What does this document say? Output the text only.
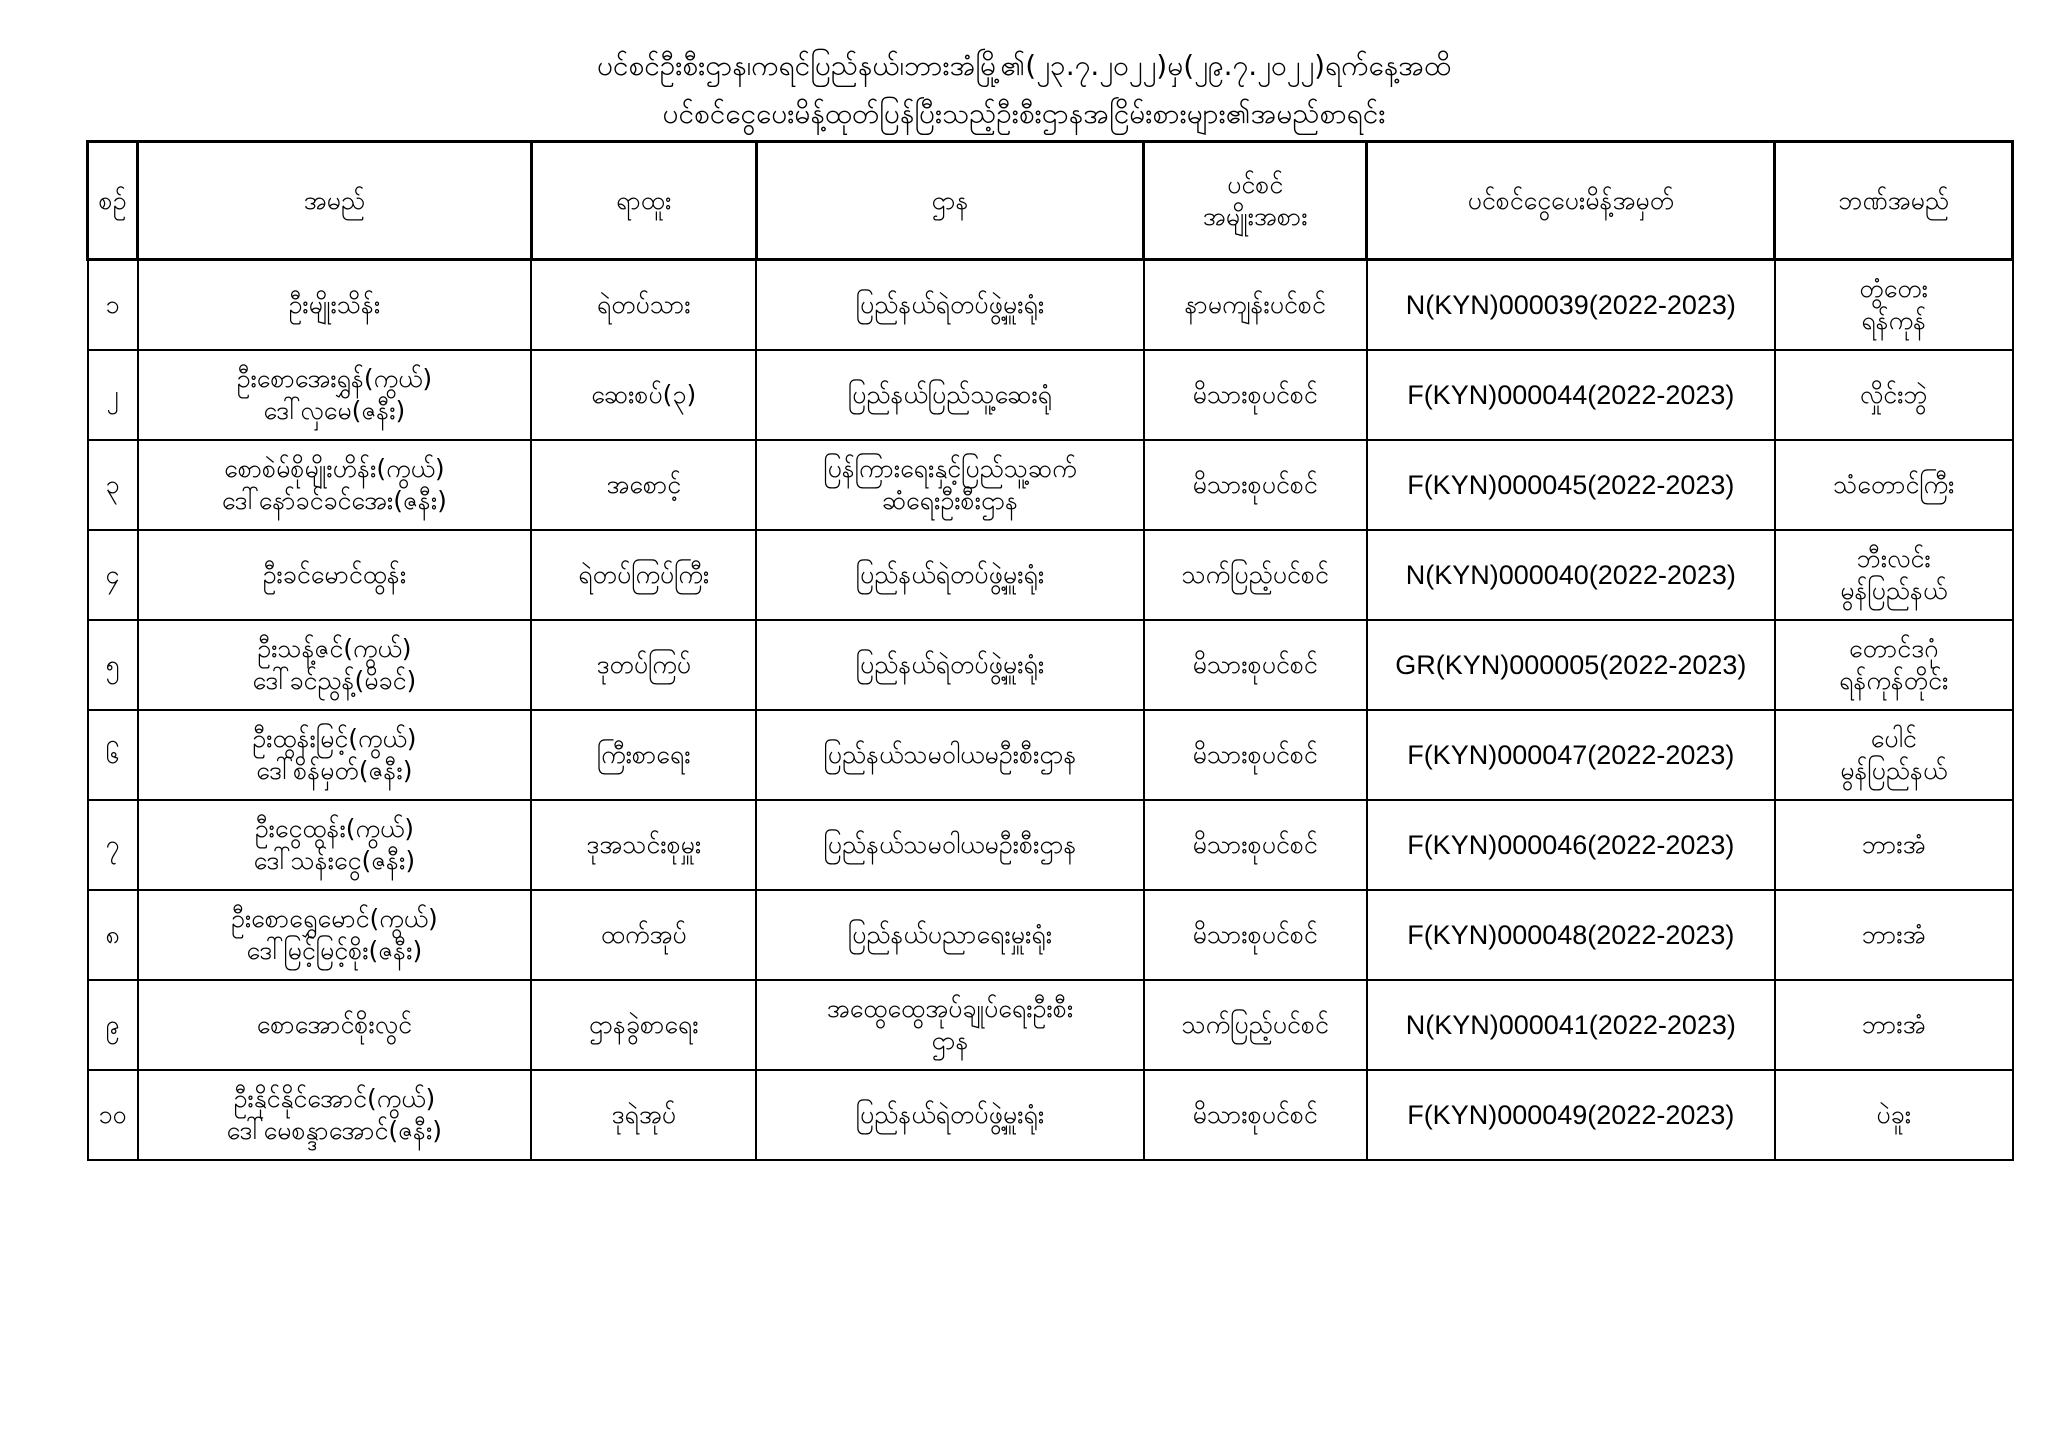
ပင်စင်ဦးစီးဌာန၊ကရင်ပြည်နယ်၊ဘားအံမြို့၏(၂၃.၇.၂၀၂၂)မှ(၂၉.၇.၂၀၂၂)ရက်နေ့အထိ
ပင်စင်ငွေပေးမိန့်ထုတ်ပြန်ပြီးသည့်ဦးစီးဌာနအငြိမ်းစားများ၏အမည်စာရင်း
စဉ်	အမည်	ရာထူး	ဌာန	ပင်စင်
အမျိုးအစား	ပင်စင်ငွေပေးမိန့်အမှတ်	ဘဏ်အမည်
၁	ဦးမျိုးသိန်း	ရဲတပ်သား	ပြည်နယ်ရဲတပ်ဖွဲ့မှူးရုံး	နာမကျန်းပင်စင်	N(KYN)000039(2022-2023)	တွံတေး
ရန်ကုန်

၂	ဦးစောအေးရွှန်(ကွယ်)
ဒေါ်လှမေ(ဇနီး)	ဆေးစပ်(၃)	ပြည်နယ်ပြည်သူ့ဆေးရုံ	မိသားစုပင်စင်	F(KYN)000044(2022-2023)	လှိုင်းဘွဲ

၃	စောစဲမ်စိုမျိုးဟိန်း(ကွယ်)
ဒေါ်နော်ခင်ခင်အေး(ဇနီး)	အစောင့်	ပြန်ကြားရေးနှင့်ပြည်သူ့ဆက်
ဆံရေးဦးစီးဌာန	မိသားစုပင်စင်	F(KYN)000045(2022-2023)	သံတောင်ကြီး

၄	ဦးခင်မောင်ထွန်း	ရဲတပ်ကြပ်ကြီး	ပြည်နယ်ရဲတပ်ဖွဲ့မှူးရုံး	သက်ပြည့်ပင်စင်	N(KYN)000040(2022-2023)	ဘီးလင်း
မွန်ပြည်နယ်

၅	ဦးသန့်ဇင်(ကွယ်)
ဒေါ်ခင်ညွန့်(မိခင်)	ဒုတပ်ကြပ်	ပြည်နယ်ရဲတပ်ဖွဲ့မှူးရုံး	မိသားစုပင်စင်	GR(KYN)000005(2022-2023)	တောင်ဒဂုံ
ရန်ကုန်တိုင်း

၆	ဦးထွန်းမြင့်(ကွယ်)
ဒေါ်စိန်မှတ်(ဇနီး)	ကြီးစာရေး	ပြည်နယ်သမဝါယမဦးစီးဌာန	မိသားစုပင်စင်	F(KYN)000047(2022-2023)	ပေါင်
မွန်ပြည်နယ်

၇	ဦးငွေထွန်း(ကွယ်)
ဒေါ်သန်းငွေ(ဇနီး)	ဒုအသင်းစုမှူး	ပြည်နယ်သမဝါယမဦးစီးဌာန	မိသားစုပင်စင်	F(KYN)000046(2022-2023)	ဘားအံ

၈	ဦးစောရွှေမောင်(ကွယ်)
ဒေါ်မြင့်မြင့်စိုး(ဇနီး)	ထက်အုပ်	ပြည်နယ်ပညာရေးမှူးရုံး	မိသားစုပင်စင်	F(KYN)000048(2022-2023)	ဘားအံ

၉	စောအောင်စိုးလွင်	ဌာနခွဲစာရေး	အထွေထွေအုပ်ချုပ်ရေးဦးစီး
ဌာန	သက်ပြည့်ပင်စင်	N(KYN)000041(2022-2023)	ဘားအံ

၁၀	ဦးနိုင်နိုင်အောင်(ကွယ်)
ဒေါ်မေစန္ဒာအောင်(ဇနီး)	ဒုရဲအုပ်	ပြည်နယ်ရဲတပ်ဖွဲ့မှူးရုံး	မိသားစုပင်စင်	F(KYN)000049(2022-2023)	ပဲခူး
